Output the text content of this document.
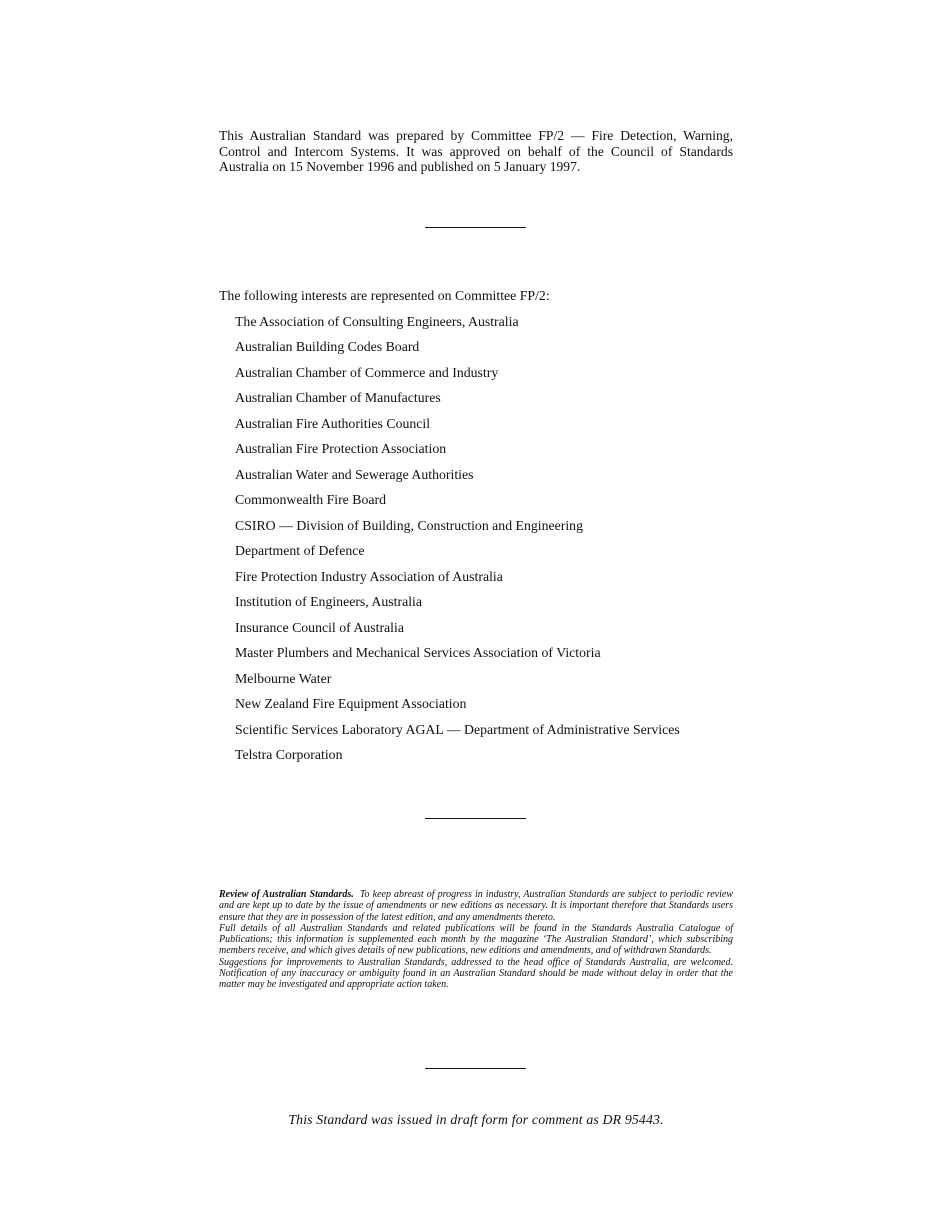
This Australian Standard was prepared by Committee FP/2 — Fire Detection, Warning, Control and Intercom Systems. It was approved on behalf of the Council of Standards Australia on 15 November 1996 and published on 5 January 1997.

The following interests are represented on Committee FP/2:

The Association of Consulting Engineers, Australia
Australian Building Codes Board
Australian Chamber of Commerce and Industry
Australian Chamber of Manufactures
Australian Fire Authorities Council
Australian Fire Protection Association
Australian Water and Sewerage Authorities
Commonwealth Fire Board
CSIRO — Division of Building, Construction and Engineering
Department of Defence
Fire Protection Industry Association of Australia
Institution of Engineers, Australia
Insurance Council of Australia
Master Plumbers and Mechanical Services Association of Victoria
Melbourne Water
New Zealand Fire Equipment Association
Scientific Services Laboratory AGAL — Department of Administrative Services
Telstra Corporation

Review of Australian Standards. To keep abreast of progress in industry, Australian Standards are subject to periodic review and are kept up to date by the issue of amendments or new editions as necessary. It is important therefore that Standards users ensure that they are in possession of the latest edition, and any amendments thereto.

Full details of all Australian Standards and related publications will be found in the Standards Australia Catalogue of Publications; this information is supplemented each month by the magazine ‘The Australian Standard’, which subscribing members receive, and which gives details of new publications, new editions and amendments, and of withdrawn Standards.

Suggestions for improvements to Australian Standards, addressed to the head office of Standards Australia, are welcomed. Notification of any inaccuracy or ambiguity found in an Australian Standard should be made without delay in order that the matter may be investigated and appropriate action taken.

This Standard was issued in draft form for comment as DR 95443.
